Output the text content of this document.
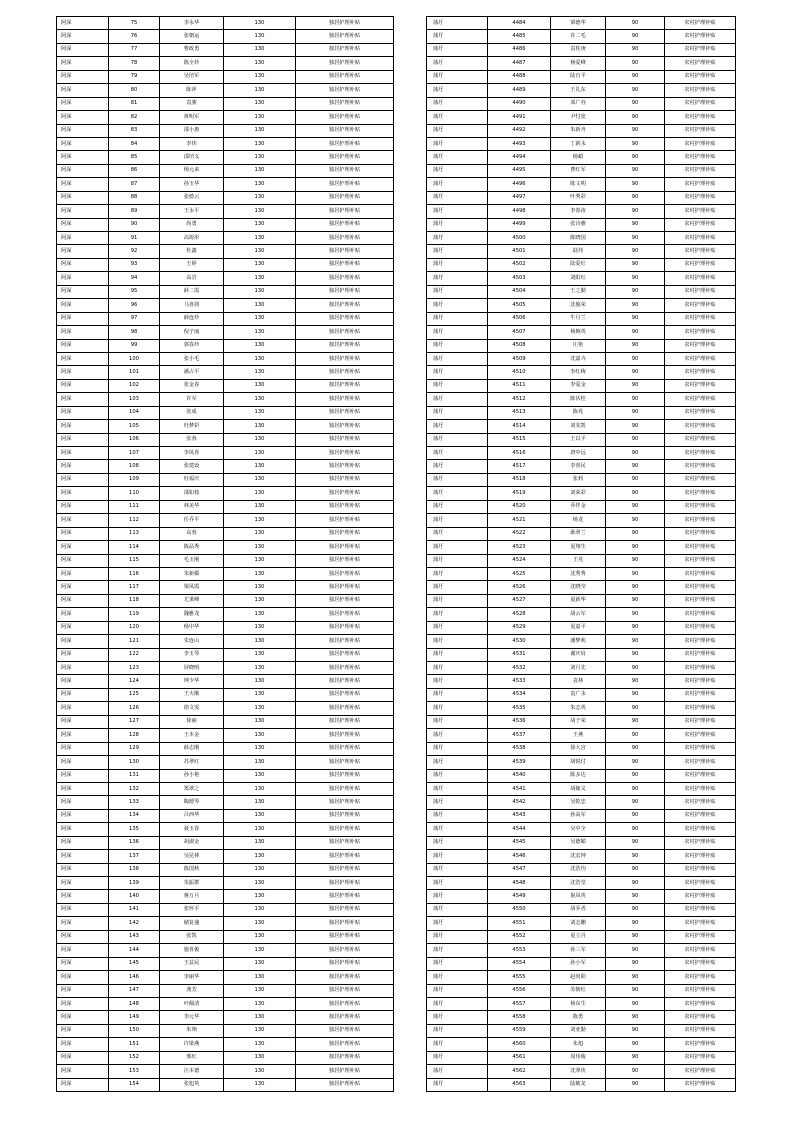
阿深	75	李永华	130	独居护理补贴
阿深	76	张朝运	130	独居护理补贴
阿深	77	曹政勇	130	独居护理补贴
阿深	78	陈全珍	130	独居护理补贴
阿深	79	吴培军	130	独居护理补贴
阿深	80	陈萍	130	独居护理补贴
阿深	81	袁骏	130	独居护理补贴
阿深	82	黄明军	130	独居护理补贴
阿深	83	邵小惠	130	独居护理补贴
阿深	84	李伟	130	独居护理补贴
阿深	85	邵培义	130	独居护理补贴
阿深	86	杨元来	130	独居护理补贴
阿深	87	孙玉华	130	独居护理补贴
阿深	88	张德云	130	独居护理补贴
阿深	89	王永平	130	独居护理补贴
阿深	90	尚勇	130	独居护理补贴
阿深	91	高筠彤	130	独居护理补贴
阿深	92	杜鑫	130	独居护理补贴
阿深	93	王婷	130	独居护理补贴
阿深	94	高岩	130	独居护理补贴
阿深	95	薛二霞	130	独居护理补贴
阿深	96	马喜润	130	独居护理补贴
阿深	97	薛连珍	130	独居护理补贴
阿深	98	倪子丽	130	独居护理补贴
阿深	99	郭春玲	130	独居护理补贴
阿深	100	张小毛	130	独居护理补贴
阿深	101	潘占平	130	独居护理补贴
阿深	102	张金春	130	独居护理补贴
阿深	103	许军	130	独居护理补贴
阿深	104	张成	130	独居护理补贴
阿深	105	杜梦彩	130	独居护理补贴
阿深	106	张蓉	130	独居护理补贴
阿深	107	李凤喜	130	独居护理补贴
阿深	108	张建设	130	独居护理补贴
阿深	109	杜福庆	130	独居护理补贴
阿深	110	邵如枝	130	独居护理补贴
阿深	111	林美华	130	独居护理补贴
阿深	112	任乔平	130	独居护理补贴
阿深	113	高蓉	130	独居护理补贴
阿深	114	陈品秀	130	独居护理补贴
阿深	115	毛玉刚	130	独居护理补贴
阿深	116	朱新媚	130	独居护理补贴
阿深	117	梁凤霞	130	独居护理补贴
阿深	118	尤秉峰	130	独居护理补贴
阿深	119	魏雅龙	130	独居护理补贴
阿深	120	杨中华	130	独居护理补贴
阿深	121	朱连山	130	独居护理补贴
阿深	122	李玉琴	130	独居护理补贴
阿深	123	屏晓明	130	独居护理补贴
阿深	124	钟少华	130	独居护理补贴
阿深	125	王大顺	130	独居护理补贴
阿深	126	徐文雯	130	独居护理补贴
阿深	127	徐丽	130	独居护理补贴
阿深	128	王本金	130	独居护理补贴
阿深	129	薛志刚	130	独居护理补贴
阿深	130	苏翠红	130	独居护理补贴
阿深	131	孙小艳	130	独居护理补贴
阿深	132	郑翠之	130	独居护理补贴
阿深	133	陶德琴	130	独居护理补贴
阿深	134	吕西华	130	独居护理补贴
阿深	135	聂玉春	130	独居护理补贴
阿深	136	胡淑金	130	独居护理补贴
阿深	137	吴昆林	130	独居护理补贴
阿深	138	陈国秋	130	独居护理补贴
阿深	139	朱振群	130	独居护理补贴
阿深	140	蒋万旦	130	独居护理补贴
阿深	141	张怀平	130	独居护理补贴
阿深	142	储复盛	130	独居护理补贴
阿深	143	张凯	130	独居护理补贴
阿深	144	施喜俊	130	独居护理补贴
阿深	145	王益民	130	独居护理补贴
阿深	146	李丽华	130	独居护理补贴
阿深	147	龚芳	130	独居护理补贴
阿深	148	叶佩清	130	独居护理补贴
阿深	149	李元华	130	独居护理补贴
阿深	150	朱翔	130	独居护理补贴
阿深	151	许梁燕	130	独居护理补贴
阿深	152	邢红	130	独居护理补贴
阿深	153	汪本德	130	独居护理补贴
阿深	154	张旭英	130	独居护理补贴
蒲圩	4484	梁德华	90	农村护理补贴
蒲圩	4485	许二毛	90	农村护理补贴
蒲圩	4486	袁桂庚	90	农村护理补贴
蒲圩	4487	杨爱峰	90	农村护理补贴
蒲圩	4488	陆自平	90	农村护理补贴
蒲圩	4489	王礼东	90	农村护理补贴
蒲圩	4490	邓广谷	90	农村护理补贴
蒲圩	4491	尹付宽	90	农村护理补贴
蒲圩	4492	朱新舟	90	农村护理补贴
蒲圩	4493	丁新永	90	农村护理补贴
蒲圩	4494	杨蜡	90	农村护理补贴
蒲圩	4495	曹红军	90	农村护理补贴
蒲圩	4496	陈文明	90	农村护理补贴
蒲圩	4497	叶秀彩	90	农村护理补贴
蒲圩	4498	李春涛	90	农村护理补贴
蒲圩	4499	张诗雅	90	农村护理补贴
蒲圩	4500	陈晓国	90	农村护理补贴
蒲圩	4501	陆伟	90	农村护理补贴
蒲圩	4502	陆爱红	90	农村护理补贴
蒲圩	4503	刘阳红	90	农村护理补贴
蒲圩	4504	王之勤	90	农村护理补贴
蒲圩	4505	沈俊荣	90	农村护理补贴
蒲圩	4506	牛月兰	90	农村护理补贴
蒲圩	4507	杨婉英	90	农村护理补贴
蒲圩	4508	庄艳	90	农村护理补贴
蒲圩	4509	沈嘉卉	90	农村护理补贴
蒲圩	4510	李红梅	90	农村护理补贴
蒲圩	4511	李爱金	90	农村护理补贴
蒲圩	4512	陈伏桂	90	农村护理补贴
蒲圩	4513	陈兆	90	农村护理补贴
蒲圩	4514	刘雯凯	90	农村护理补贴
蒲圩	4515	王以平	90	农村护理补贴
蒲圩	4516	唐中远	90	农村护理补贴
蒲圩	4517	李喜民	90	农村护理补贴
蒲圩	4518	张莉	90	农村护理补贴
蒲圩	4519	刘荣彩	90	农村护理补贴
蒲圩	4520	乔伴金	90	农村护理补贴
蒲圩	4521	杨龙	90	农村护理补贴
蒲圩	4522	耿翠兰	90	农村护理补贴
蒲圩	4523	夏翔生	90	农村护理补贴
蒲圩	4524	王兆	90	农村护理补贴
蒲圩	4525	沈秀秀	90	农村护理补贴
蒲圩	4526	沈晓莹	90	农村护理补贴
蒲圩	4527	夏新华	90	农村护理补贴
蒲圩	4528	胡云军	90	农村护理补贴
蒲圩	4529	夏嘉平	90	农村护理补贴
蒲圩	4530	潘梦莉	90	农村护理补贴
蒲圩	4531	谢庆肩	90	农村护理补贴
蒲圩	4532	刘月先	90	农村护理补贴
蒲圩	4533	袁林	90	农村护理补贴
蒲圩	4534	袁广永	90	农村护理补贴
蒲圩	4535	朱志英	90	农村护理补贴
蒲圩	4536	胡子荣	90	农村护理补贴
蒲圩	4537	王燕	90	农村护理补贴
蒲圩	4538	徐大宫	90	农村护理补贴
蒲圩	4539	胡锐付	90	农村护理补贴
蒲圩	4540	陈多达	90	农村护理补贴
蒲圩	4541	胡嫁义	90	农村护理补贴
蒲圩	4542	吴乾忠	90	农村护理补贴
蒲圩	4543	孙高军	90	农村护理补贴
蒲圩	4544	吴中全	90	农村护理补贴
蒲圩	4545	吴德媚	90	农村护理补贴
蒲圩	4546	沈宏钟	90	农村护理补贴
蒲圩	4547	沈浩均	90	农村护理补贴
蒲圩	4548	沈浩堂	90	农村护理补贴
蒲圩	4549	倪凤英	90	农村护理补贴
蒲圩	4550	胡乔香	90	农村护理补贴
蒲圩	4551	刘志鹏	90	农村护理补贴
蒲圩	4552	夏立丹	90	农村护理补贴
蒲圩	4553	孙三军	90	农村护理补贴
蒲圩	4554	孙小军	90	农村护理补贴
蒲圩	4555	赵尚阳	90	农村护理补贴
蒲圩	4556	苏朝红	90	农村护理补贴
蒲圩	4557	杨东生	90	农村护理补贴
蒲圩	4558	陈勇	90	农村护理补贴
蒲圩	4559	刘亚勤	90	农村护理补贴
蒲圩	4560	朱旭	90	农村护理补贴
蒲圩	4561	周伟俊	90	农村护理补贴
蒲圩	4562	沈翠侠	90	农村护理补贴
蒲圩	4563	陆敏龙	90	农村护理补贴
